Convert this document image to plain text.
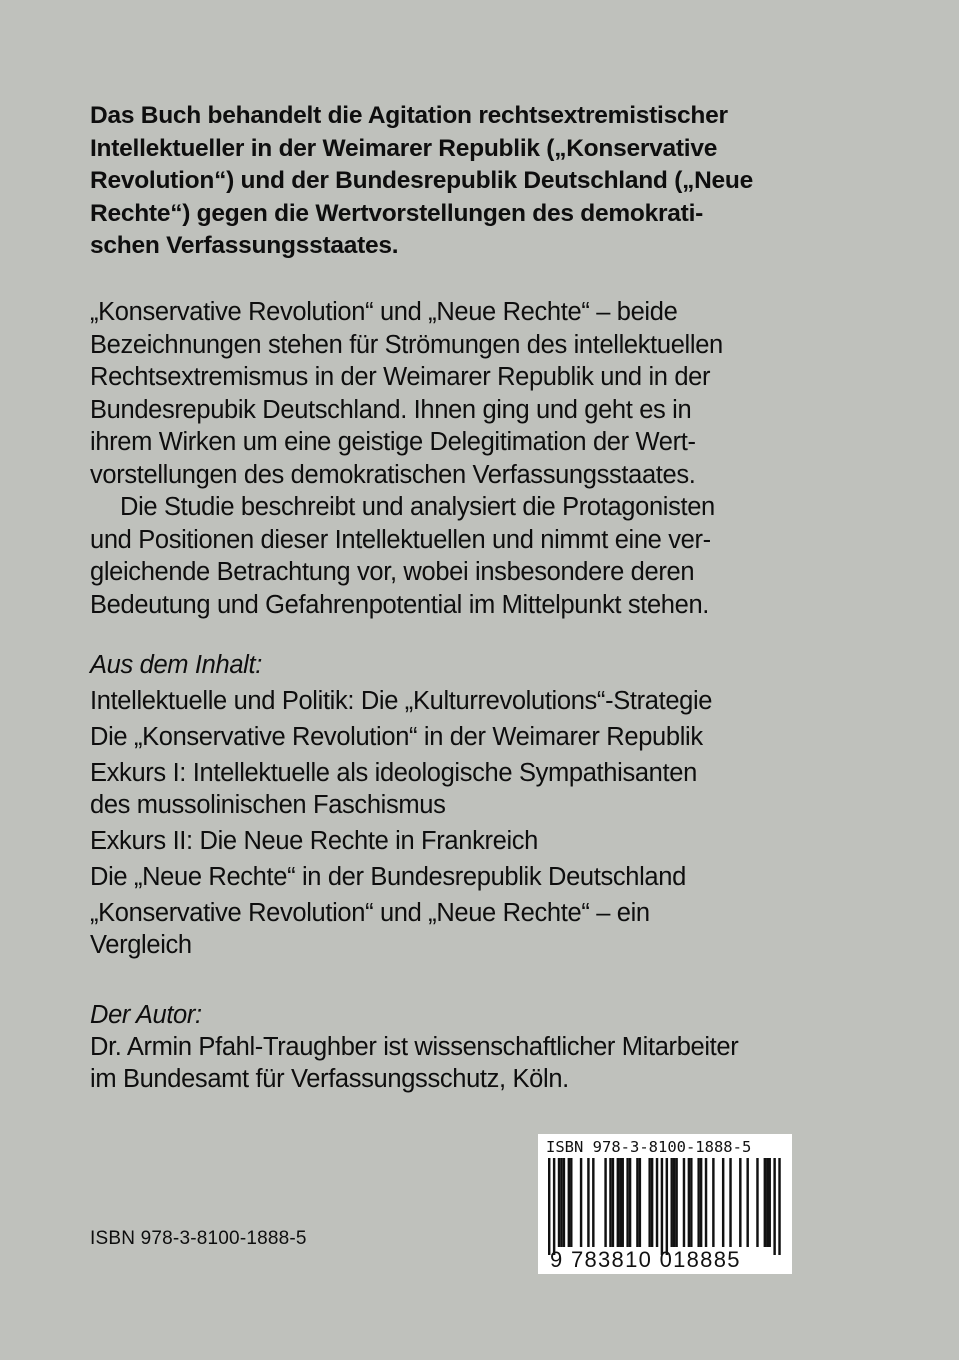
Das Buch behandelt die Agitation rechtsextremistischer
Intellektueller in der Weimarer Republik („Konservative
Revolution“) und der Bundesrepublik Deutschland („Neue
Rechte“) gegen die Wertvorstellungen des demokrati-
schen Verfassungsstaates.

„Konservative Revolution“ und „Neue Rechte“ – beide
Bezeichnungen stehen für Strömungen des intellektuellen
Rechtsextremismus in der Weimarer Republik und in der
Bundesrepubik Deutschland. Ihnen ging und geht es in
ihrem Wirken um eine geistige Delegitimation der Wert-
vorstellungen des demokratischen Verfassungsstaates.
Die Studie beschreibt und analysiert die Protagonisten
und Positionen dieser Intellektuellen und nimmt eine ver-
gleichende Betrachtung vor, wobei insbesondere deren
Bedeutung und Gefahrenpotential im Mittelpunkt stehen.
Aus dem Inhalt:
Intellektuelle und Politik: Die „Kulturrevolutions“-Strategie
Die „Konservative Revolution“ in der Weimarer Republik
Exkurs I: Intellektuelle als ideologische Sympathisanten
des mussolinischen Faschismus
Exkurs II: Die Neue Rechte in Frankreich
Die „Neue Rechte“ in der Bundesrepublik Deutschland
„Konservative Revolution“ und „Neue Rechte“ – ein
Vergleich
Der Autor:
Dr. Armin Pfahl-Traughber ist wissenschaftlicher Mitarbeiter
im Bundesamt für Verfassungsschutz, Köln.
ISBN 978-3-8100-1888-5
ISBN 978-3-8100-1888-5
9 783810 018885
